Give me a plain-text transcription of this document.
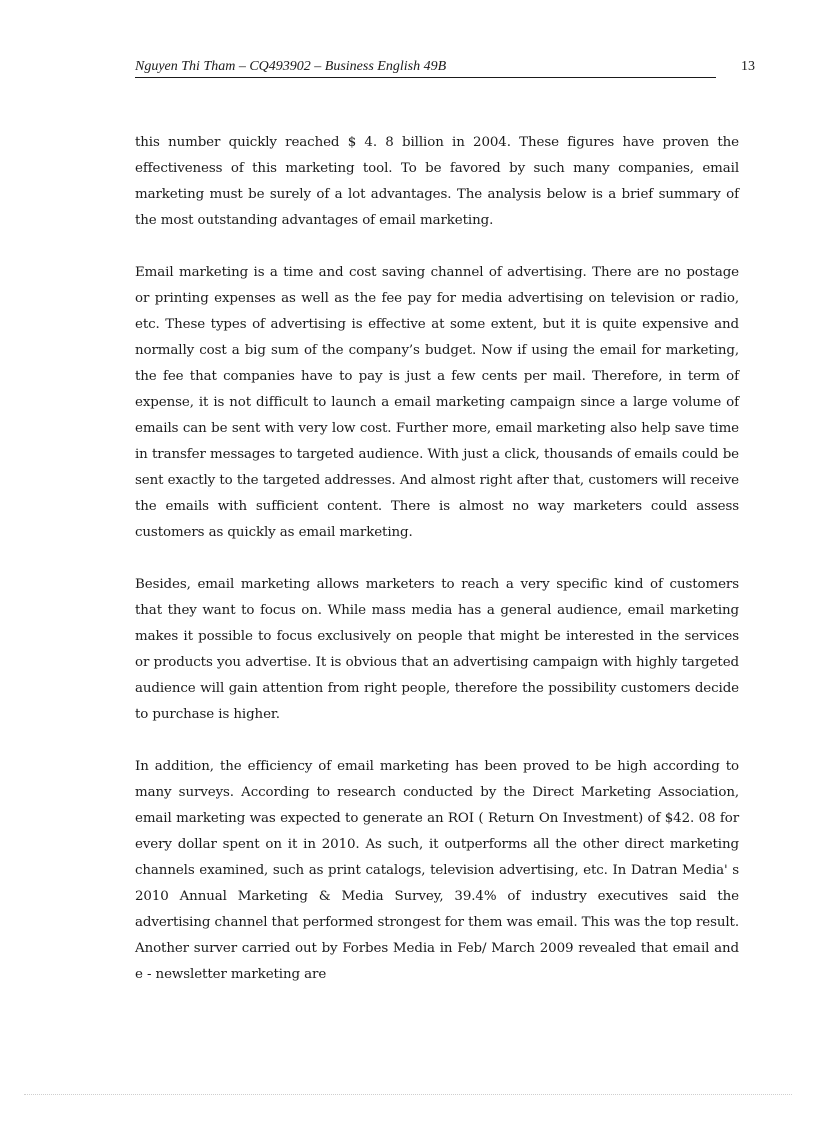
Nguyen Thi Tham – CQ493902 – Business English 49B	13

this number quickly reached $ 4. 8 billion in 2004. These figures have proven the effectiveness of this marketing tool. To be favored by such many companies, email marketing must be surely of a lot advantages. The analysis below is a brief summary of the most outstanding advantages of email marketing.

Email marketing is a time and cost saving channel of advertising. There are no postage or printing expenses as well as the fee pay for media advertising on television or radio, etc. These types of advertising is effective at some extent, but it is quite expensive and normally cost a big sum of the company’s budget. Now if using the email for marketing, the fee that companies have to pay is just a few cents per mail. Therefore, in term of expense, it is not difficult to launch a email marketing campaign since a large volume of emails can be sent with very low cost. Further more, email marketing also help save time in transfer messages to targeted audience. With just a click, thousands of emails could be sent exactly to the targeted addresses. And almost right after that, customers will receive the emails with sufficient content. There is almost no way marketers could assess customers as quickly as email marketing.

Besides, email marketing allows marketers to reach a very specific kind of customers that they want to focus on. While mass media has a general audience, email marketing makes it possible to focus exclusively on people that might be interested in the services or products you advertise. It is obvious that an advertising campaign with highly targeted audience will gain attention from right people, therefore the possibility customers decide to purchase is higher.

In addition, the efficiency of email marketing has been proved to be high according to many surveys. According to research conducted by the Direct Marketing Association, email marketing was expected to generate an ROI ( Return On Investment) of $42. 08 for every dollar spent on it in 2010. As such, it outperforms all the other direct marketing channels examined, such as print catalogs, television advertising, etc. In Datran Media' s 2010 Annual Marketing & Media Survey, 39.4% of industry executives said the advertising channel that performed strongest for them was email. This was the top result. Another surver carried out by Forbes Media in Feb/ March 2009 revealed that email and e - newsletter marketing are
